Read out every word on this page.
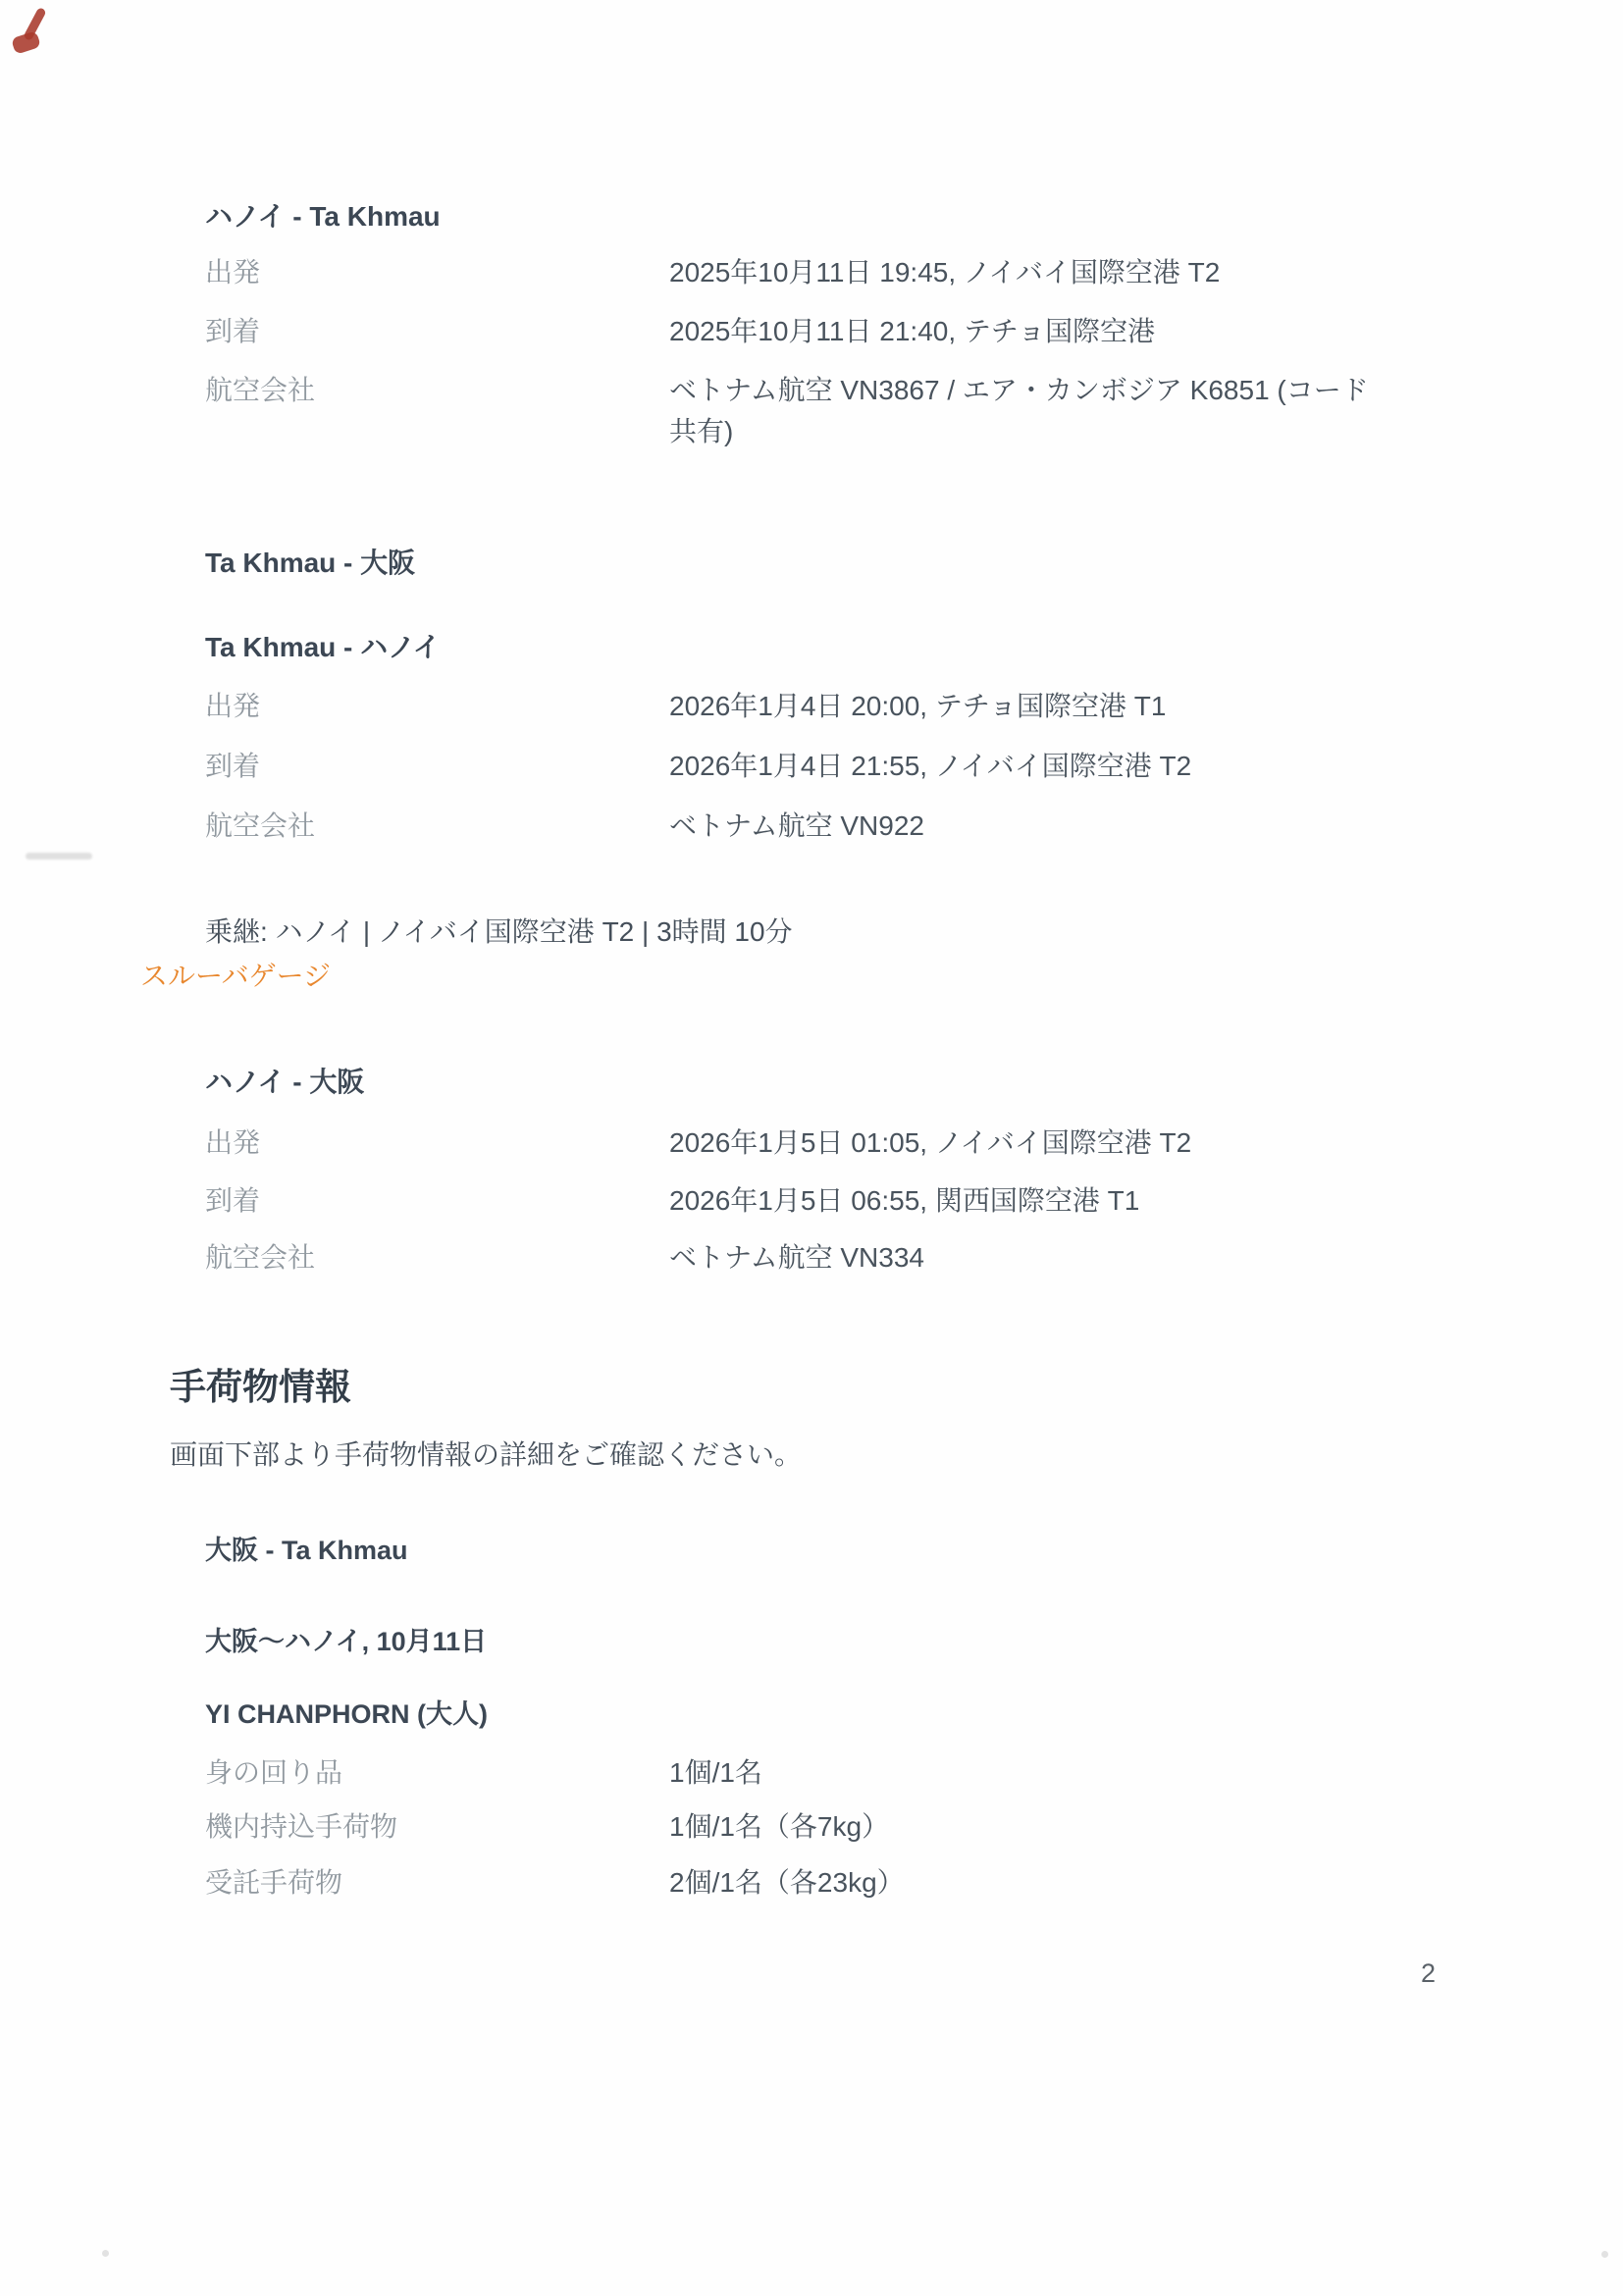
ハノイ - Ta Khmau
出発	2025年10月11日 19:45, ノイバイ国際空港 T2
到着	2025年10月11日 21:40, テチョ国際空港
航空会社	ベトナム航空 VN3867 / エア・カンボジア K6851 (コード共有)
Ta Khmau - 大阪
Ta Khmau - ハノイ
出発	2026年1月4日 20:00, テチョ国際空港 T1
到着	2026年1月4日 21:55, ノイバイ国際空港 T2
航空会社	ベトナム航空 VN922
乗継: ハノイ | ノイバイ国際空港 T2 | 3時間 10分
スルーバゲージ
ハノイ - 大阪
出発	2026年1月5日 01:05, ノイバイ国際空港 T2
到着	2026年1月5日 06:55, 関西国際空港 T1
航空会社	ベトナム航空 VN334
手荷物情報
画面下部より手荷物情報の詳細をご確認ください。
大阪 - Ta Khmau
大阪〜ハノイ, 10月11日
YI CHANPHORN (大人)
身の回り品	1個/1名
機内持込手荷物	1個/1名（各7kg）
受託手荷物	2個/1名（各23kg）
2
